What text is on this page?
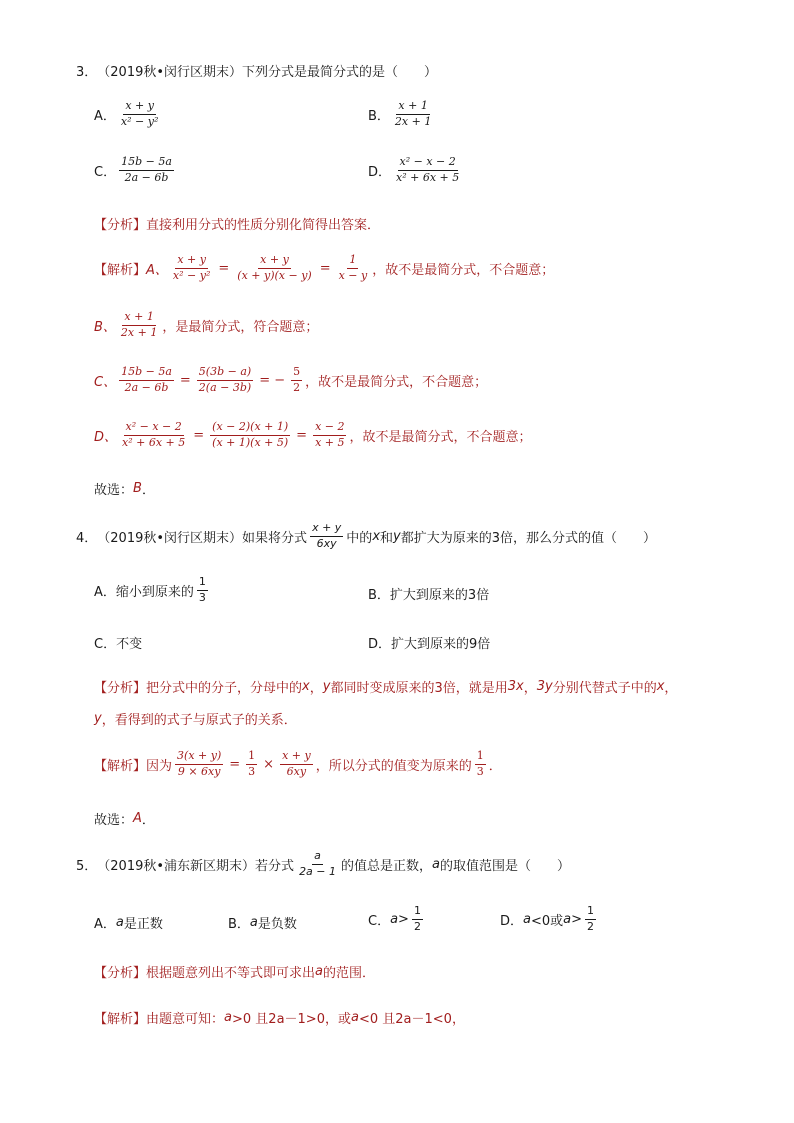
3． （2019秋•闵行区期末） 下列分式是最简分式的是（　　）
A． $\frac{x + y}{\text{x² − y²}}$	B． $\frac{x + 1}{2x + 1}$
C． $\frac{15b - 5a}{2a - 6b}$	D． $\frac{\text{x² − x − 2}}{\text{x² + 6x + 5}}$
【分析】 直接利用分式的性质分别化简得出答案．
【解析】 A、 $\frac{x + y}{\text{x² − y²}} = \frac{x + y}{(x + y)(x - y)} = \frac{1}{x - y}$ ，故不是最简分式，不合题意；
B、 $\frac{x + 1}{2x + 1}$ ，是最简分式，符合题意；
C、 $\frac{15b - 5a}{2a - 6b} = \frac{5(3b - a)}{2(a - 3b)}$ = − $\frac{5}{2}$ ，故不是最简分式，不合题意；
D、 $\frac{\text{x² − x − 2}}{\text{x² + 6x + 5}} = \frac{(x - 2)(x + 1)}{(x + 1)(x + 5)} = \frac{x - 2}{x + 5}$ ，故不是最简分式，不合题意；
故选： B ．
4． （2019秋•闵行区期末） 如果将分式 $\frac{x + y}{6xy}$ 中的 x 和 y 都扩大为原来的3倍，那么分式的值（　　）
A． 缩小到原来的 $\frac{1}{3}$	B．扩大到原来的3倍
C．不变	D．扩大到原来的9倍
【分析】 把分式中的分子，分母中的 x ， y 都同时变成原来的3倍，就是用 3x ， 3y 分别代替式子中的 x ，
y ，看得到的式子与原式子的关系．
【解析】 因为 $\frac{3(x + y)}{9 \times 6xy} = \frac{1}{3} \times \frac{x + y}{6xy}$ ，所以分式的值变为原来的 $\frac{1}{3}$ ．
故选： A ．
5． （2019秋•浦东新区期末） 若分式 $\frac{a}{2a - 1}$ 的值总是正数， a 的取值范围是（　　）
A． a 是正数	B． a 是负数	C． $a > \frac{1}{2}$	D． a <0或 $a > \frac{1}{2}$
【分析】 根据题意列出不等式即可求出 a 的范围．
【解析】 由题意可知： a >0 且 2a－1>0 ，或 a <0 且 2a－1<0 ，
